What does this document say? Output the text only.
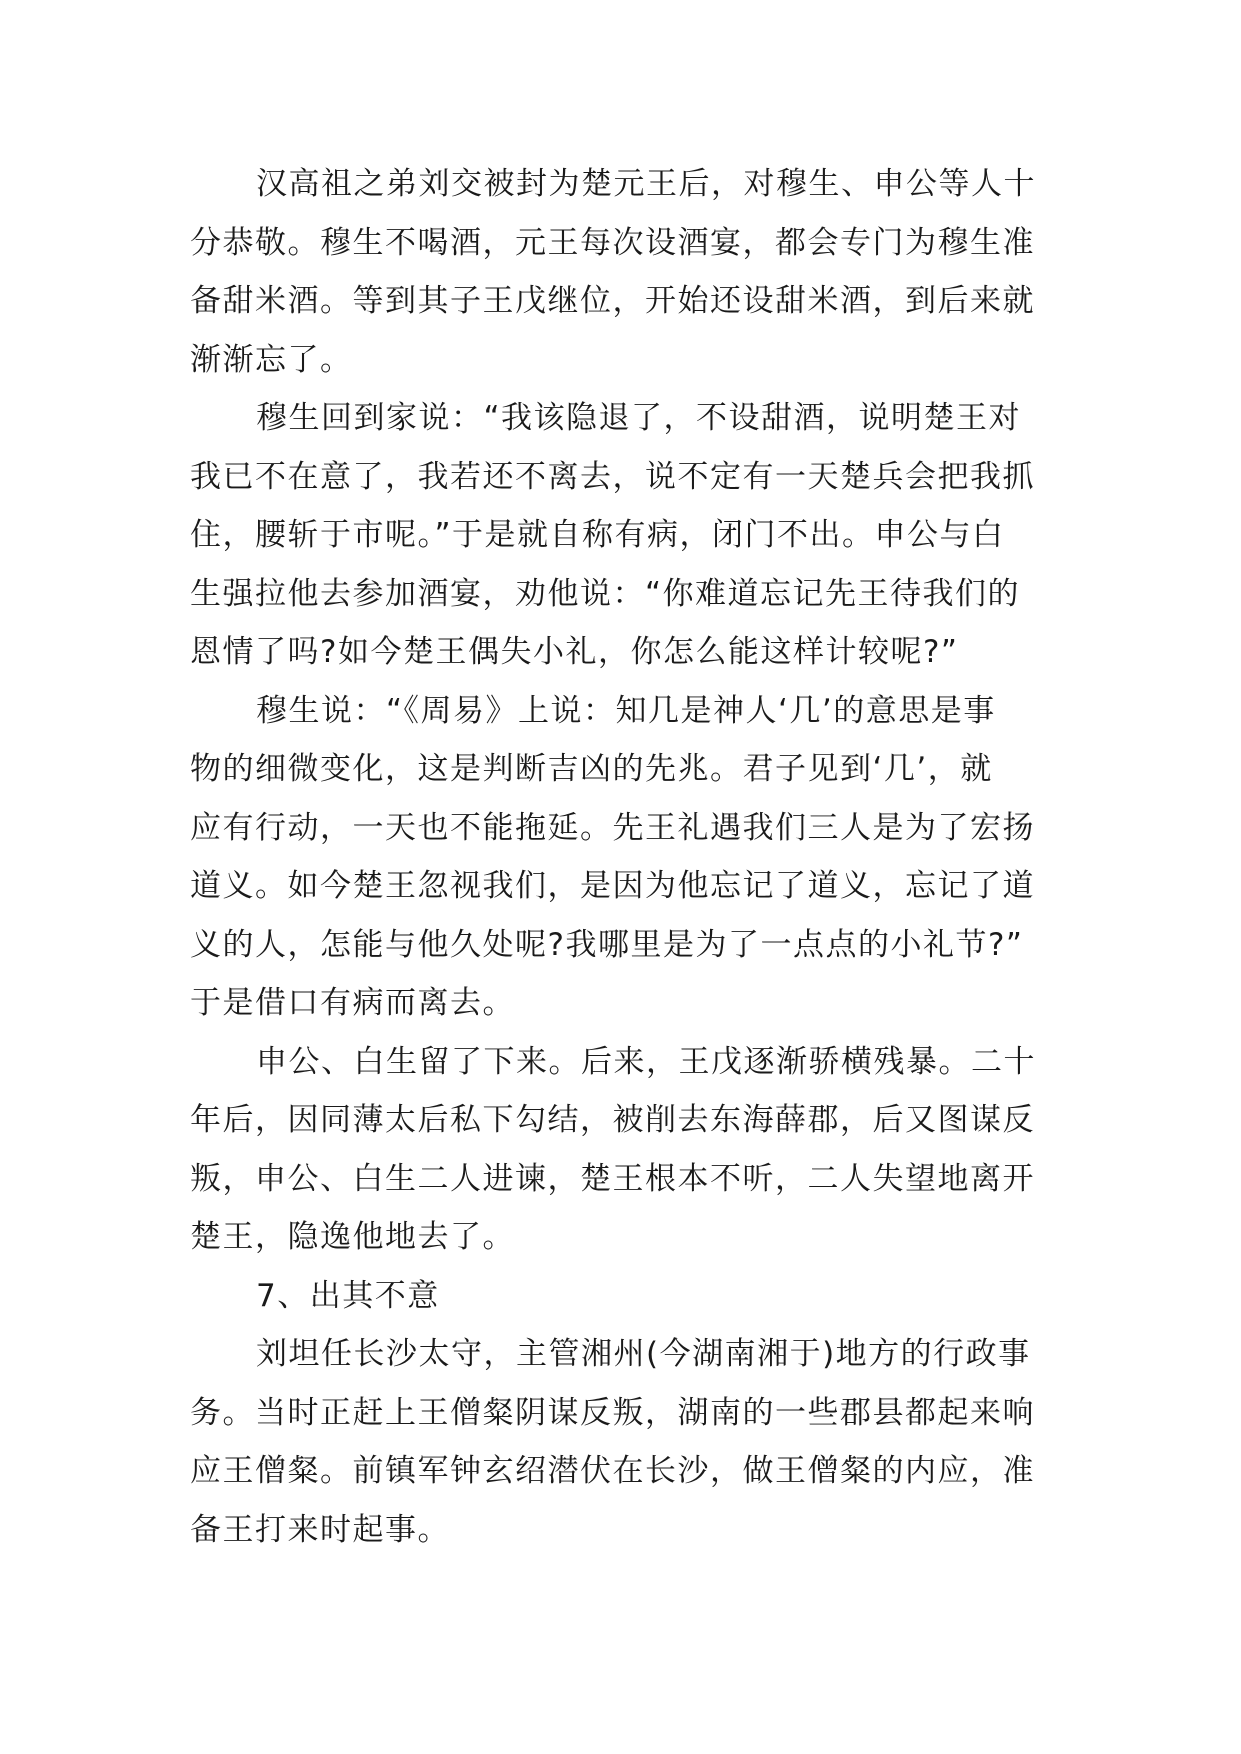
汉高祖之弟刘交被封为楚元王后，对穆生、申公等人十
分恭敬。穆生不喝酒，元王每次设酒宴，都会专门为穆生准
备甜米酒。等到其子王戊继位，开始还设甜米酒，到后来就
渐渐忘了。
穆生回到家说：“我该隐退了，不设甜酒，说明楚王对
我已不在意了，我若还不离去，说不定有一天楚兵会把我抓
住，腰斩于市呢。”于是就自称有病，闭门不出。申公与白
生强拉他去参加酒宴，劝他说：“你难道忘记先王待我们的
恩情了吗?如今楚王偶失小礼，你怎么能这样计较呢?”
穆生说：“《周易》上说：知几是神人‘几’的意思是事
物的细微变化，这是判断吉凶的先兆。君子见到‘几’，就
应有行动，一天也不能拖延。先王礼遇我们三人是为了宏扬
道义。如今楚王忽视我们，是因为他忘记了道义，忘记了道
义的人，怎能与他久处呢?我哪里是为了一点点的小礼节?”
于是借口有病而离去。
申公、白生留了下来。后来，王戊逐渐骄横残暴。二十
年后，因同薄太后私下勾结，被削去东海薛郡，后又图谋反
叛，申公、白生二人进谏，楚王根本不听，二人失望地离开
楚王，隐逸他地去了。
7、出其不意
刘坦任长沙太守，主管湘州(今湖南湘于)地方的行政事
务。当时正赶上王僧粲阴谋反叛，湖南的一些郡县都起来响
应王僧粲。前镇军钟玄绍潜伏在长沙，做王僧粲的内应，准
备王打来时起事。
